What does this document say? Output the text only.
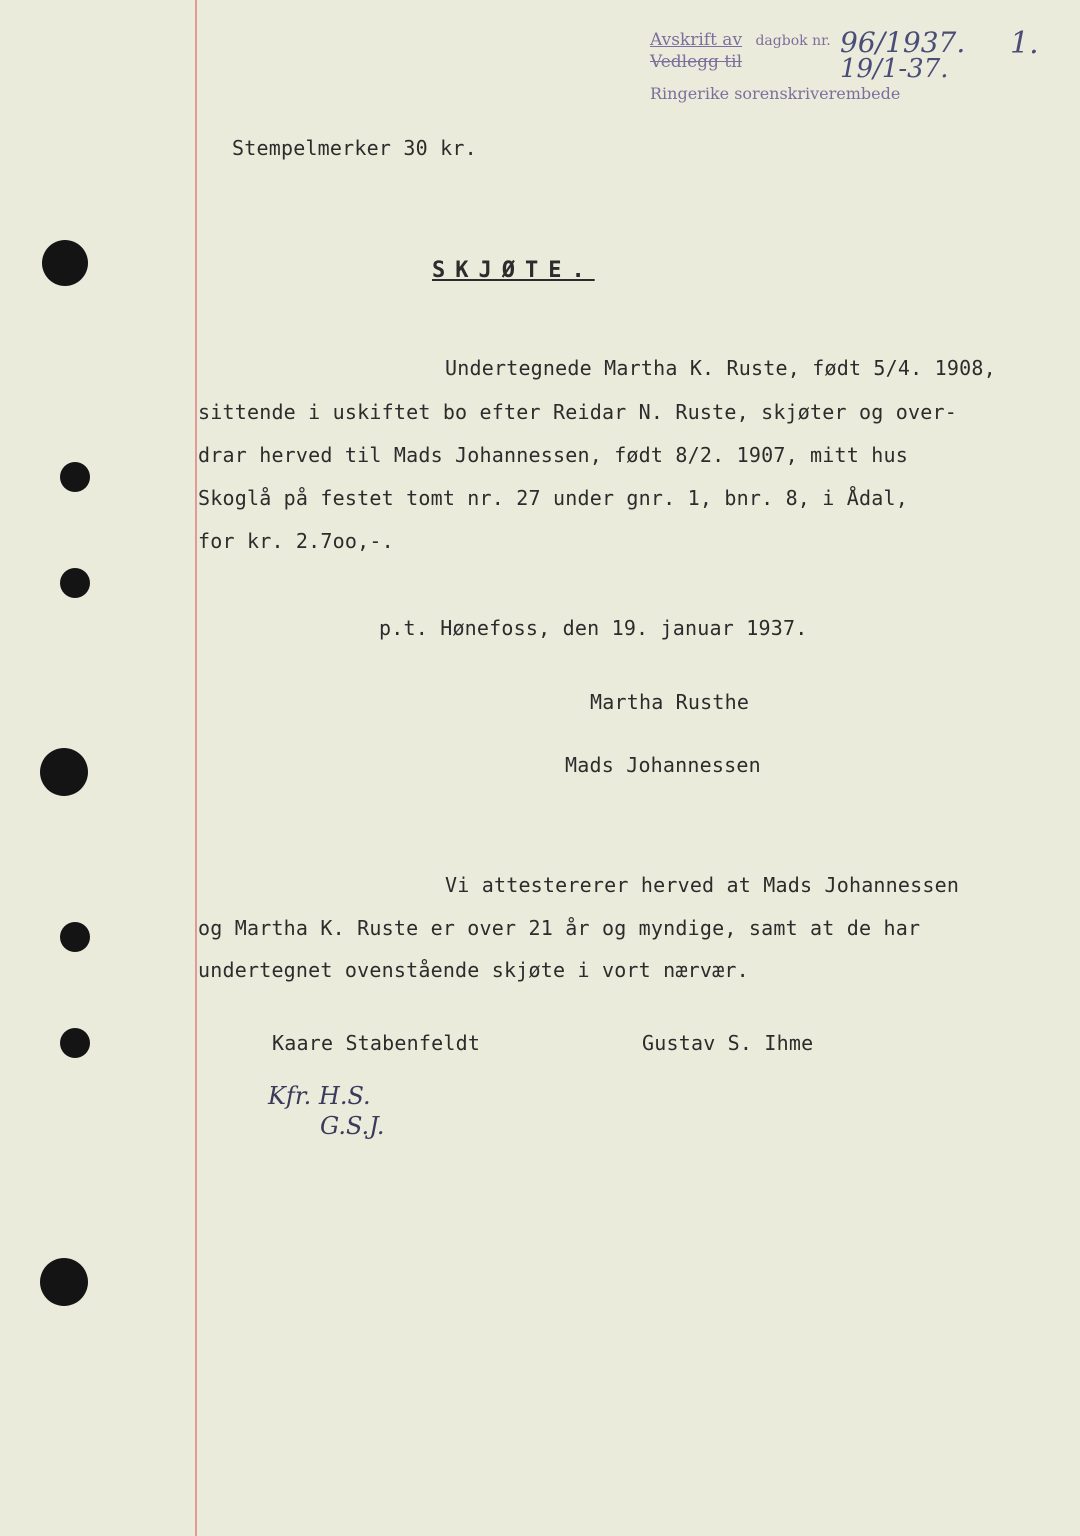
Avskrift av dagbok nr.
Vedlegg til
Ringerike sorenskriverembede
96/1937.
19/1-37.
1.
Stempelmerker 30 kr.
SKJØTE.
Undertegnede Martha K. Ruste, født 5/4. 1908,
sittende i uskiftet bo efter Reidar N. Ruste, skjøter og over-
drar herved til Mads Johannessen, født 8/2. 1907, mitt hus
Skoglå på festet tomt nr. 27 under gnr. 1, bnr. 8, i Ådal,
for kr. 2.7oo,-.
p.t. Hønefoss, den 19. januar 1937.
Martha Rusthe
Mads Johannessen
Vi attestererer herved at Mads Johannessen
og Martha K. Ruste er over 21 år og myndige, samt at de har
undertegnet ovenstående skjøte i vort nærvær.
Kaare Stabenfeldt	Gustav S. Ihme
Kfr. H.S.
G.S.J.
